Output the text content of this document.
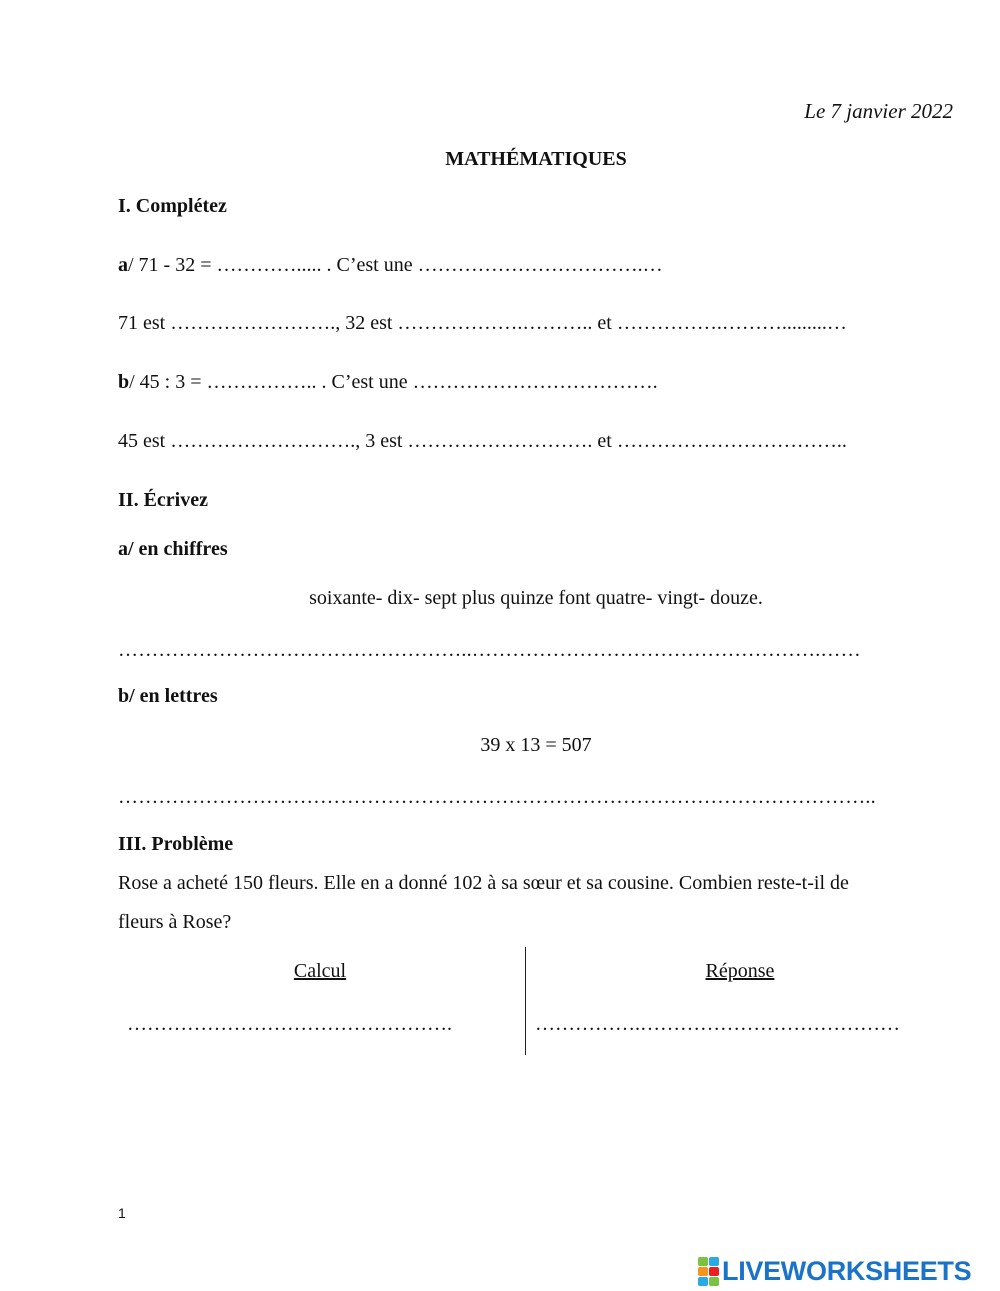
Le 7 janvier 2022
MATHÉMATIQUES
I. Complétez
a/ 71 - 32 = …………..... . C’est une …………………………….…
71 est ……………………., 32 est ……………….……….. et …………….……….........…
b/ 45 : 3 = …………….. . C’est une ……………………………….
45 est ………………………., 3 est ………………………. et ……………………………..
II. Écrivez
a/ en chiffres
soixante- dix- sept plus quinze font quatre- vingt- douze.
……………………………………………..…………………………………………….……
b/ en lettres
39 x 13 = 507
…………………………………………………………………………………………………..
III. Problème
Rose a acheté 150 fleurs. Elle en a donné 102 à sa sœur et sa cousine. Combien reste-t-il de
fleurs à Rose?
Calcul	Réponse
………………………………………….	…………….…………………………………
1
LIVEWORKSHEETS
